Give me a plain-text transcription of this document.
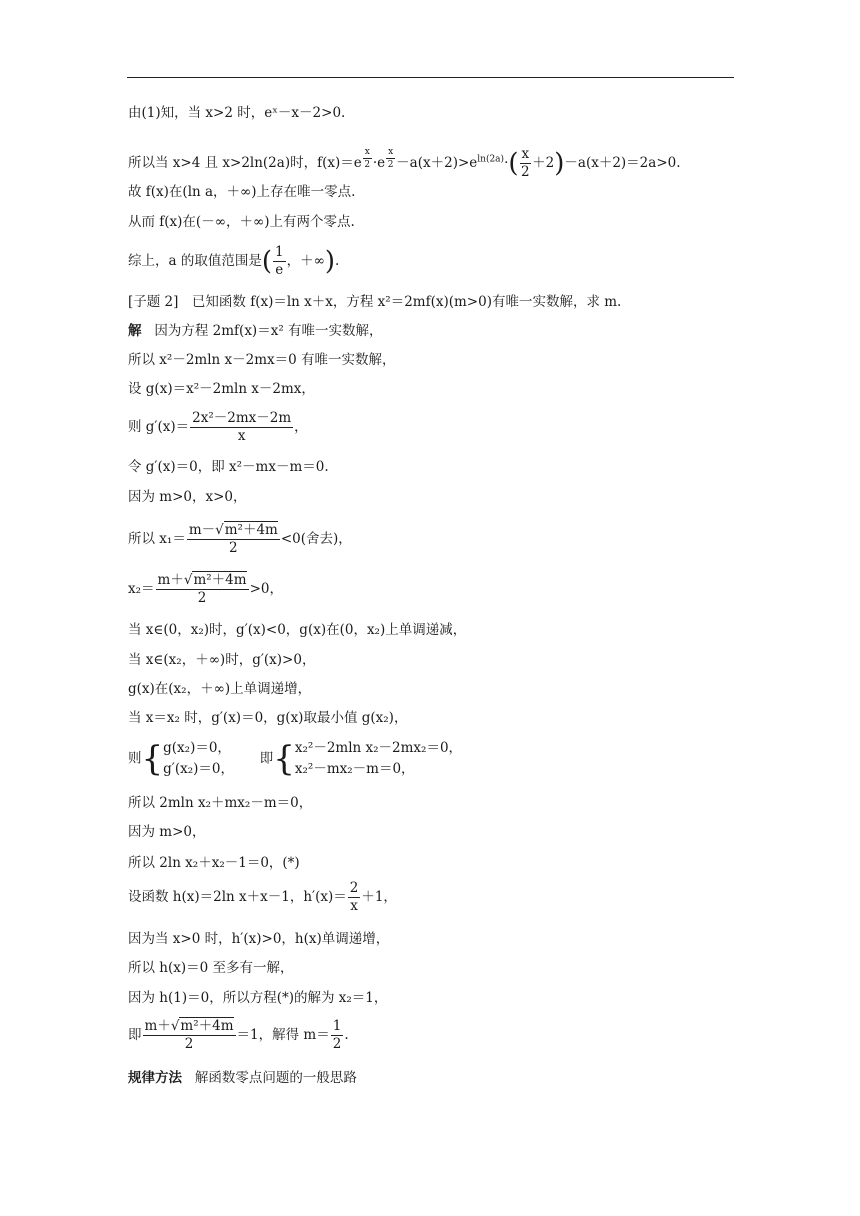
由(1)知，当 x>2 时，eˣ－x－2>0.
所以当 x>4 且 x>2ln(2a)时，f(x)＝e $^{\frac{x}{2}}$ ·e $^{\frac{x}{2}} -a(x+2)>e^{ln(2a)}\cdot( \frac{x}{2} +2)-a(x+2)=2a>0$.
故 f(x)在(ln a，＋∞)上存在唯一零点.
从而 f(x)在(－∞，＋∞)上有两个零点.
综上，a 的取值范围是( $\frac{1}{e}$ ，＋∞).
[子题 2]　已知函数 f(x)＝ln x＋x，方程 x²＝2mf(x)(m>0)有唯一实数解，求 m.
解 因为方程 2mf(x)＝x² 有唯一实数解，
所以 x²－2mln x－2mx＝0 有唯一实数解，
设 g(x)＝x²－2mln x－2mx，
则 $g'(x)= \frac{\text{2x²－2mx－2m}}{x}$ ，
令 g′(x)＝0，即 x²－mx－m＝0.
因为 m>0，x>0，
所以 $x_1= \frac{\text{m－√m²＋4m}}{2} <0$(舍去)，
$x_2= \frac{\text{m＋√m²＋4m}}{2} >0$，
当 x∈(0，x₂)时，g′(x)<0，g(x)在(0，x₂)上单调递减，
当 x∈(x₂，＋∞)时，g′(x)>0，
g(x)在(x₂，＋∞)上单调递增，
当 x＝x₂ 时，g′(x)＝0，g(x)取最小值 g(x₂)，
则{ g(x₂)＝0，
g′(x₂)＝0，
即{ x₂²－2mln x₂－2mx₂＝0，
x₂²－mx₂－m＝0，
所以 2mln x₂＋mx₂－m＝0，
因为 m>0，
所以 2ln x₂＋x₂－1＝0，(*)
设函数 h(x)＝2ln x＋x－1，$h'(x)= \frac{2}{x} +1$，
因为当 x>0 时，h′(x)>0，h(x)单调递增，
所以 h(x)＝0 至多有一解，
因为 h(1)＝0，所以方程(*)的解为 x₂＝1，
即 $\frac{\text{m＋√m²＋4m}}{2} =1$，解得 $m= \frac{1}{2}$ .
规律方法 解函数零点问题的一般思路
